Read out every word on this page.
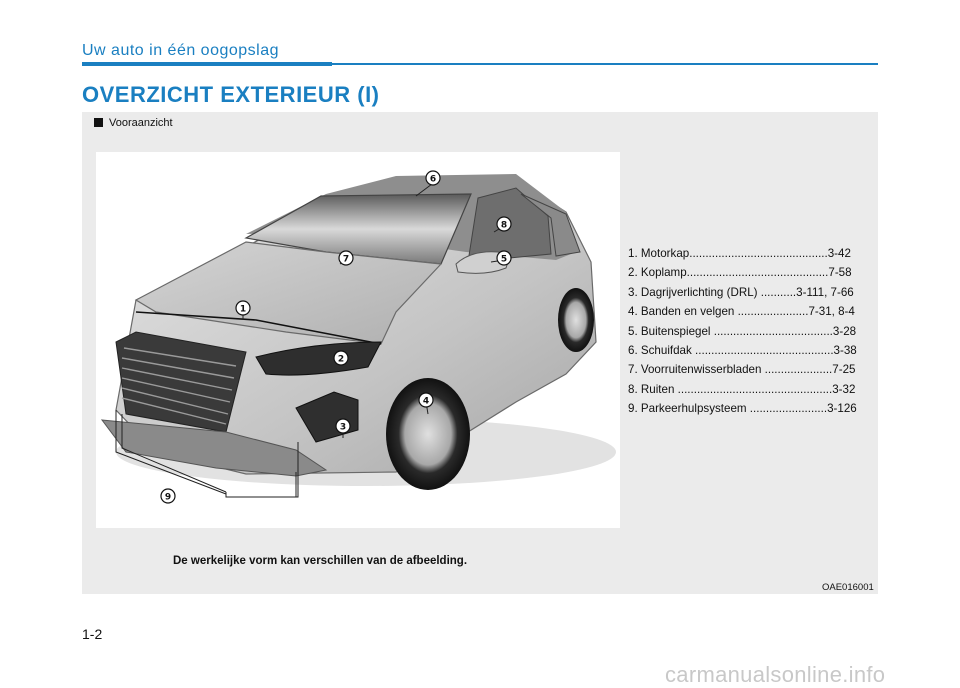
Uw auto in één oogopslag
OVERZICHT EXTERIEUR (I)
Vooraanzicht
1
2
3
4
5
6
7
8
9
1. Motorkap...........................................3-42
2. Koplamp............................................7-58
3. Dagrijverlichting (DRL) ...........3-111, 7-66
4. Banden en velgen ......................7-31, 8-4
5. Buitenspiegel .....................................3-28
6. Schuifdak ...........................................3-38
7. Voorruitenwisserbladen .....................7-25
8. Ruiten ................................................3-32
9. Parkeerhulpsysteem ........................3-126
De werkelijke vorm kan verschillen van de afbeelding.
OAE016001
1-2
carmanualsonline.info
